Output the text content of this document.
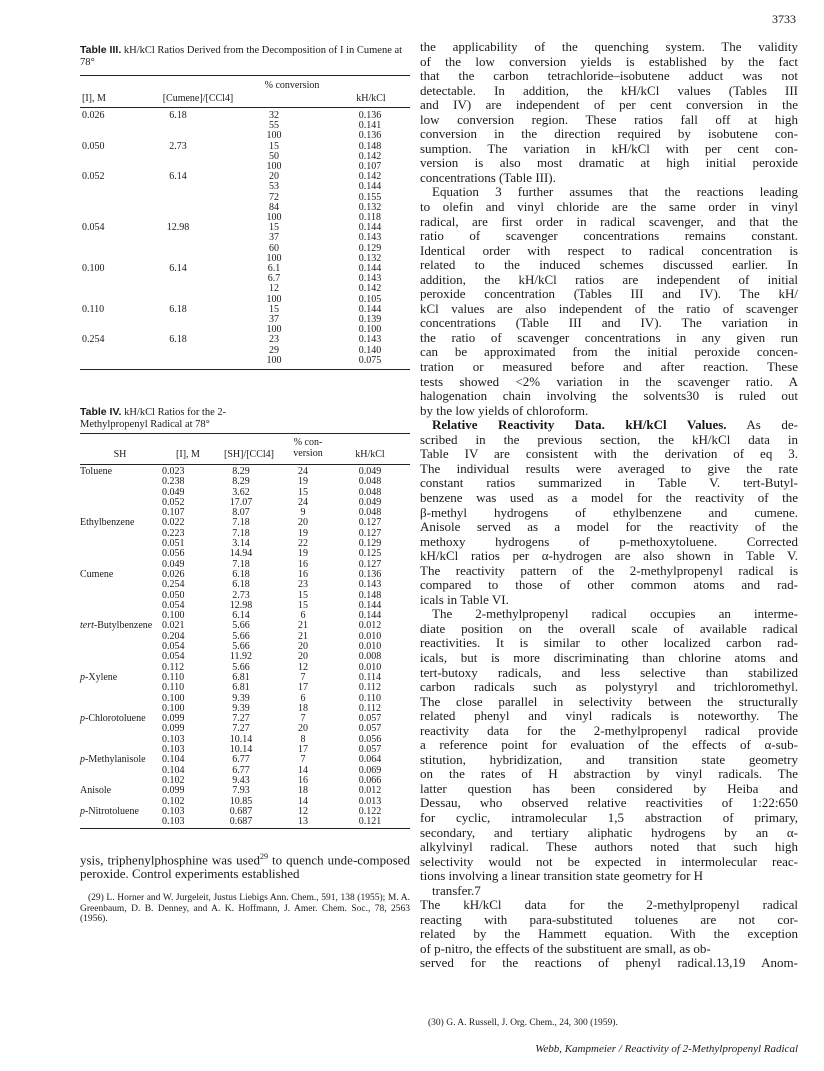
3733
Table III. kH/kCl Ratios Derived from the Decomposition of I in Cumene at 78°
[I], M	[Cumene]/[CCl4]
% conversion
kH/kCl
0.026	6.18	32	0.136
		55	0.141
		100	0.136
0.050	2.73	15	0.148
		50	0.142
		100	0.107
0.052	6.14	20	0.142
		53	0.144
		72	0.155
		84	0.132
		100	0.118
0.054	12.98	15	0.144
		37	0.143
		60	0.129
		100	0.132
0.100	6.14	6.1	0.144
		6.7	0.143
		12	0.142
		100	0.105
0.110	6.18	15	0.144
		37	0.139
		100	0.100
0.254	6.18	23	0.143
		29	0.140
		100	0.075
Table IV. kH/kCl Ratios for the 2-Methylpropenyl Radical at 78°
SH	[I], M	[SH]/[CCl4]
% con-version	kH/kCl
Toluene	0.023	8.29	24	0.049
	0.238	8.29	19	0.048
	0.049	3.62	15	0.048
	0.052	17.07	24	0.049
	0.107	8.07	9	0.048
Ethylbenzene	0.022	7.18	20	0.127
	0.223	7.18	19	0.127
	0.051	3.14	22	0.129
	0.056	14.94	19	0.125
	0.049	7.18	16	0.127
Cumene	0.026	6.18	16	0.136
	0.254	6.18	23	0.143
	0.050	2.73	15	0.148
	0.054	12.98	15	0.144
	0.100	6.14	6	0.144
tert-Butylbenzene	0.021	5.66	21	0.012
	0.204	5.66	21	0.010
	0.054	5.66	20	0.010
	0.054	11.92	20	0.008
	0.112	5.66	12	0.010
p-Xylene	0.110	6.81	7	0.114
	0.110	6.81	17	0.112
	0.100	9.39	6	0.110
	0.100	9.39	18	0.112
p-Chlorotoluene	0.099	7.27	7	0.057
	0.099	7.27	20	0.057
	0.103	10.14	8	0.056
	0.103	10.14	17	0.057
p-Methylanisole	0.104	6.77	7	0.064
	0.104	6.77	14	0.069
	0.102	9.43	16	0.066
Anisole	0.099	7.93	18	0.012
	0.102	10.85	14	0.013
p-Nitrotoluene	0.103	0.687	12	0.122
	0.103	0.687	13	0.121
ysis, triphenylphosphine was used$^{29}$ to quench unde-composed peroxide. Control experiments established
(29) L. Horner and W. Jurgeleit, Justus Liebigs Ann. Chem., 591, 138 (1955); M. A. Greenbaum, D. B. Denney, and A. K. Hoffmann, J. Amer. Chem. Soc., 78, 2563 (1956).
the applicability of the quenching system. The validity
of the low conversion yields is established by the fact
that the carbon tetrachloride–isobutene adduct was not
detectable. In addition, the kH/kCl values (Tables III
and IV) are independent of per cent conversion in the
low conversion region. These ratios fall off at high
conversion in the direction required by isobutene con-
sumption. The variation in kH/kCl with per cent con-
version is also most dramatic at high initial peroxide
concentrations (Table III).
Equation 3 further assumes that the reactions leading
to olefin and vinyl chloride are the same order in vinyl
radical, are first order in radical scavenger, and that the
ratio of scavenger concentrations remains constant.
Identical order with respect to radical concentration is
related to the induced schemes discussed earlier. In
addition, the kH/kCl ratios are independent of initial
peroxide concentration (Tables III and IV). The kH/
kCl values are also independent of the ratio of scavenger
concentrations (Table III and IV). The variation in
the ratio of scavenger concentrations in any given run
can be approximated from the initial peroxide concen-
tration or measured before and after reaction. These
tests showed <2% variation in the scavenger ratio. A
halogenation chain involving the solvents30 is ruled out
by the low yields of chloroform.
Relative Reactivity Data. kH/kCl Values. As de-
scribed in the previous section, the kH/kCl data in
Table IV are consistent with the derivation of eq 3.
The individual results were averaged to give the rate
constant ratios summarized in Table V. tert-Butyl-
benzene was used as a model for the reactivity of the
β-methyl hydrogens of ethylbenzene and cumene.
Anisole served as a model for the reactivity of the
methoxy hydrogens of p-methoxytoluene. Corrected
kH/kCl ratios per α-hydrogen are also shown in Table V.
The reactivity pattern of the 2-methylpropenyl radical is
compared to those of other common atoms and rad-
icals in Table VI.
The 2-methylpropenyl radical occupies an interme-
diate position on the overall scale of available radical
reactivities. It is similar to other localized carbon rad-
icals, but is more discriminating than chlorine atoms and
tert-butoxy radicals, and less selective than stabilized
carbon radicals such as polystyryl and trichloromethyl.
The close parallel in selectivity between the structurally
related phenyl and vinyl radicals is noteworthy. The
reactivity data for the 2-methylpropenyl radical provide
a reference point for evaluation of the effects of α-sub-
stitution, hybridization, and transition state geometry
on the rates of H abstraction by vinyl radicals. The
latter question has been considered by Heiba and
Dessau, who observed relative reactivities of 1:22:650
for cyclic, intramolecular 1,5 abstraction of primary,
secondary, and tertiary aliphatic hydrogens by an α-
alkylvinyl radical. These authors noted that such high
selectivity would not be expected in intermolecular reac-
tions involving a linear transition state geometry for H
transfer.7
The kH/kCl data for the 2-methylpropenyl radical
reacting with para-substituted toluenes are not cor-
related by the Hammett equation. With the exception
of p-nitro, the effects of the substituent are small, as ob-
served for the reactions of phenyl radical.13,19 Anom-
(30) G. A. Russell, J. Org. Chem., 24, 300 (1959).
Webb, Kampmeier / Reactivity of 2-Methylpropenyl Radical
